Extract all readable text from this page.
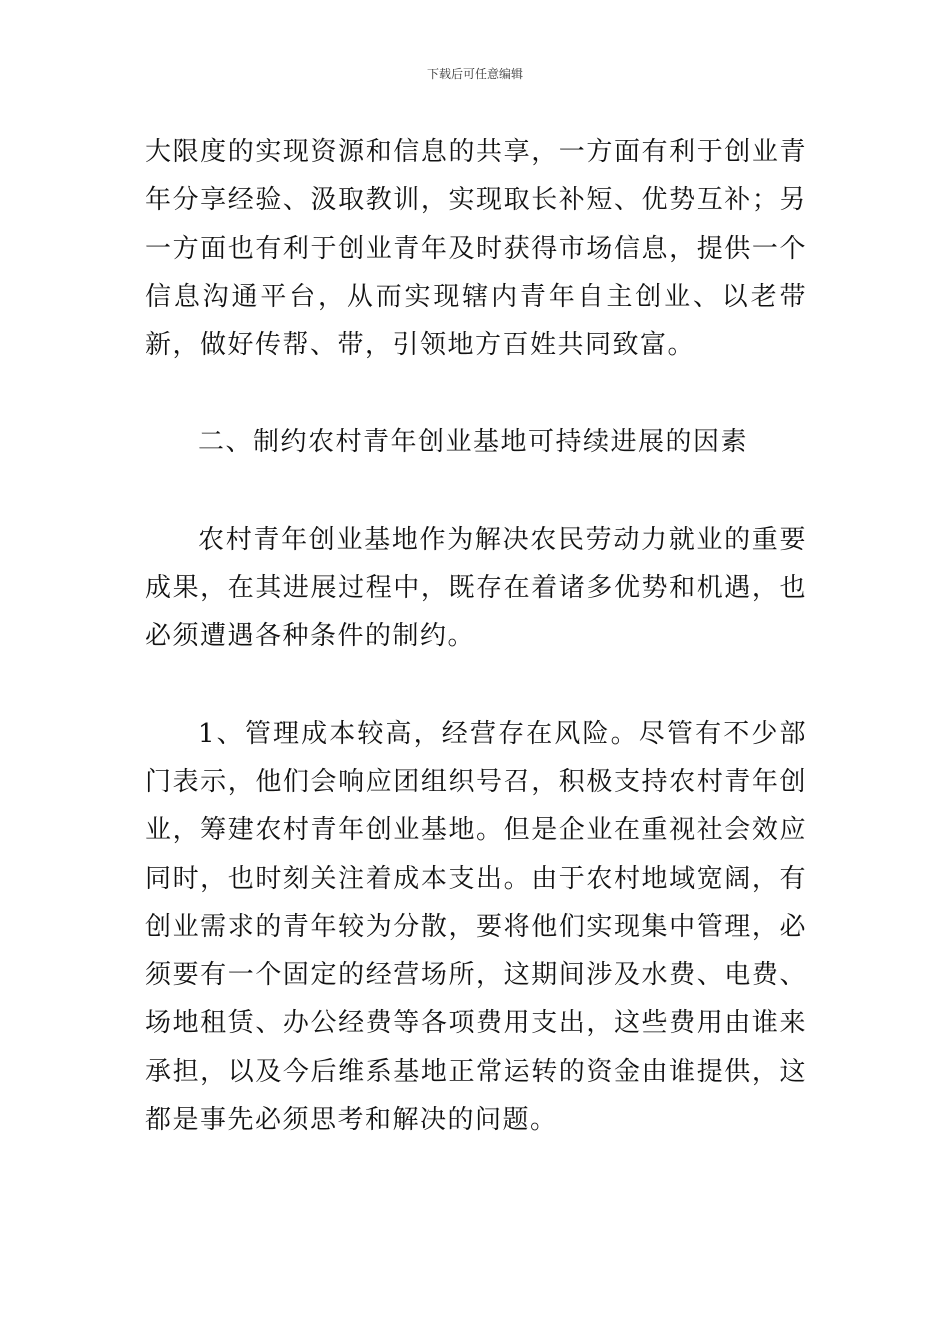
下载后可任意编辑

大限度的实现资源和信息的共享，一方面有利于创业青年分享经验、汲取教训，实现取长补短、优势互补；另一方面也有利于创业青年及时获得市场信息，提供一个信息沟通平台，从而实现辖内青年自主创业、以老带新，做好传帮、带，引领地方百姓共同致富。

二、制约农村青年创业基地可持续进展的因素

农村青年创业基地作为解决农民劳动力就业的重要成果，在其进展过程中，既存在着诸多优势和机遇，也必须遭遇各种条件的制约。

1、管理成本较高，经营存在风险。尽管有不少部门表示，他们会响应团组织号召，积极支持农村青年创业，筹建农村青年创业基地。但是企业在重视社会效应同时，也时刻关注着成本支出。由于农村地域宽阔，有创业需求的青年较为分散，要将他们实现集中管理，必须要有一个固定的经营场所，这期间涉及水费、电费、场地租赁、办公经费等各项费用支出，这些费用由谁来承担，以及今后维系基地正常运转的资金由谁提供，这都是事先必须思考和解决的问题。
